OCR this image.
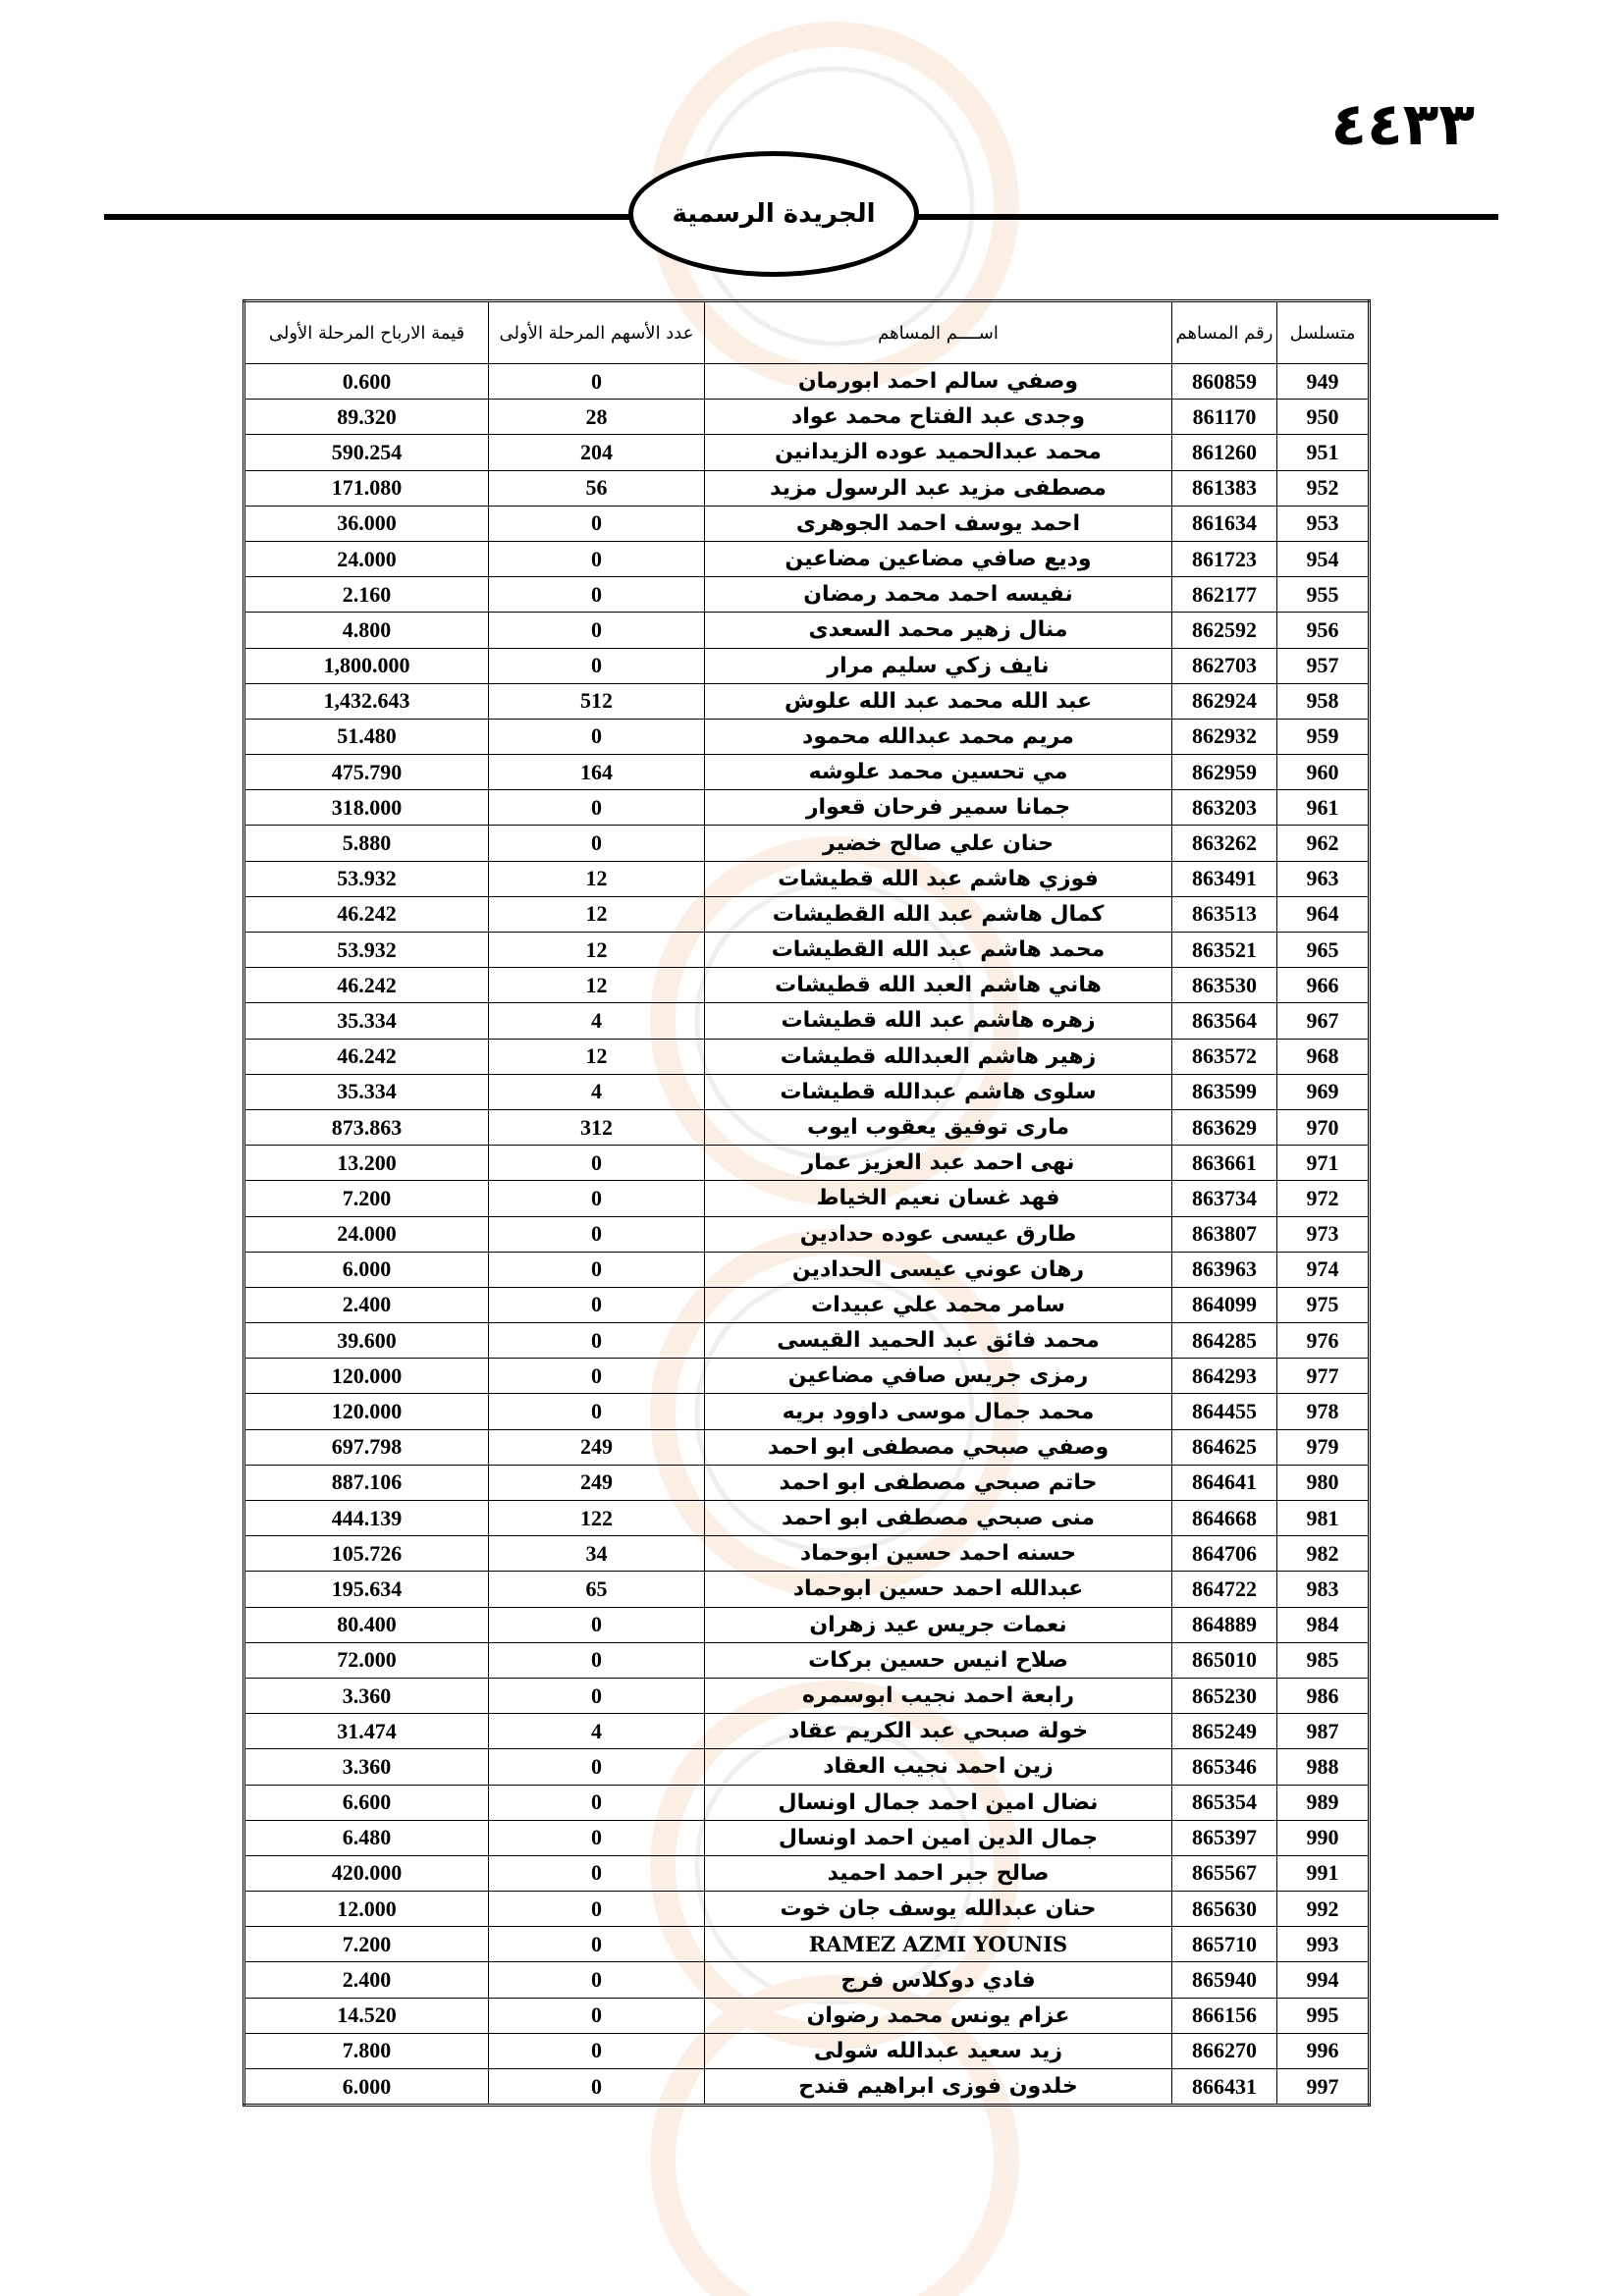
٤٤٣٣
الجريدة الرسمية
متسلسل	رقم المساهم	اســــم المساهم	عدد الأسهم المرحلة الأولى	قيمة الارباح المرحلة الأولى
949	860859	وصفي سالم احمد ابورمان	0	0.600
950	861170	وجدى عبد الفتاح محمد عواد	28	89.320
951	861260	محمد عبدالحميد عوده الزيدانين	204	590.254
952	861383	مصطفى مزيد عبد الرسول مزيد	56	171.080
953	861634	احمد يوسف احمد الجوهرى	0	36.000
954	861723	وديع صافي مضاعين مضاعين	0	24.000
955	862177	نفيسه احمد محمد رمضان	0	2.160
956	862592	منال زهير محمد السعدى	0	4.800
957	862703	نايف زكي سليم مرار	0	1,800.000
958	862924	عبد الله محمد عبد الله علوش	512	1,432.643
959	862932	مريم محمد عبدالله محمود	0	51.480
960	862959	مي تحسين محمد علوشه	164	475.790
961	863203	جمانا سمير فرحان قعوار	0	318.000
962	863262	حنان علي صالح خضير	0	5.880
963	863491	فوزي هاشم عبد الله قطيشات	12	53.932
964	863513	كمال هاشم عبد الله القطيشات	12	46.242
965	863521	محمد هاشم عبد الله القطيشات	12	53.932
966	863530	هاني هاشم العبد الله قطيشات	12	46.242
967	863564	زهره هاشم عبد الله قطيشات	4	35.334
968	863572	زهير هاشم العبدالله قطيشات	12	46.242
969	863599	سلوى هاشم عبدالله قطيشات	4	35.334
970	863629	مارى توفيق يعقوب ايوب	312	873.863
971	863661	نهى احمد عبد العزيز عمار	0	13.200
972	863734	فهد غسان نعيم الخياط	0	7.200
973	863807	طارق عيسى عوده حدادين	0	24.000
974	863963	رهان عوني عيسى الحدادين	0	6.000
975	864099	سامر محمد علي عبيدات	0	2.400
976	864285	محمد فائق عبد الحميد القيسى	0	39.600
977	864293	رمزى جريس صافي مضاعين	0	120.000
978	864455	محمد جمال موسى داوود بريه	0	120.000
979	864625	وصفي صبحي مصطفى ابو احمد	249	697.798
980	864641	حاتم صبحي مصطفى ابو احمد	249	887.106
981	864668	منى صبحي مصطفى ابو احمد	122	444.139
982	864706	حسنه احمد حسين ابوحماد	34	105.726
983	864722	عبدالله احمد حسين ابوحماد	65	195.634
984	864889	نعمات جريس عيد زهران	0	80.400
985	865010	صلاح انيس حسين بركات	0	72.000
986	865230	رابعة احمد نجيب ابوسمره	0	3.360
987	865249	خولة صبحي عبد الكريم عقاد	4	31.474
988	865346	زين احمد نجيب العقاد	0	3.360
989	865354	نضال امين احمد جمال اونسال	0	6.600
990	865397	جمال الدين امين احمد اونسال	0	6.480
991	865567	صالح جبر احمد احميد	0	420.000
992	865630	حنان عبدالله يوسف جان خوت	0	12.000
993	865710	RAMEZ AZMI YOUNIS	0	7.200
994	865940	فادي دوكلاس فرج	0	2.400
995	866156	عزام يونس محمد رضوان	0	14.520
996	866270	زيد سعيد عبدالله شولى	0	7.800
997	866431	خلدون فوزى ابراهيم قندح	0	6.000
